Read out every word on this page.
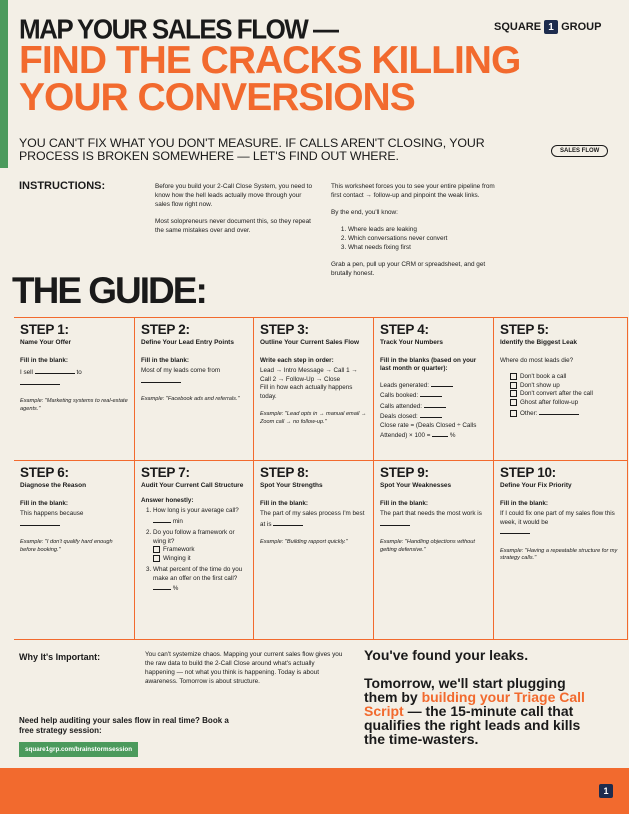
MAP YOUR SALES FLOW —
FIND THE CRACKS KILLING YOUR CONVERSIONS
SQUARE 1 GROUP
YOU CAN'T FIX WHAT YOU DON'T MEASURE. IF CALLS AREN'T CLOSING, YOUR PROCESS IS BROKEN SOMEWHERE — LET'S FIND OUT WHERE.	SALES FLOW
INSTRUCTIONS:	Before you build your 2-Call Close System, you need to know how the hell leads actually move through your sales flow right now.

Most solopreneurs never document this, so they repeat the same mistakes over and over.

This worksheet forces you to see your entire pipeline from first contact → follow-up and pinpoint the weak links.

By the end, you'll know:

1. Where leads are leaking
2. Which conversations never convert
3. What needs fixing first

Grab a pen, pull up your CRM or spreadsheet, and get brutally honest.

THE GUIDE:
STEP 1:
Name Your Offer
Fill in the blank:
I sell	to

Example: "Marketing systems to real-estate agents."
STEP 2:
Define Your Lead Entry Points
Fill in the blank:
Most of my leads come from

Example: "Facebook ads and referrals."
STEP 3:
Outline Your Current Sales Flow
Write each step in order:
Lead → Intro Message → Call 1 → Call 2 → Follow-Up → Close
Fill in how each actually happens today.
Example: "Lead opts in → manual email → Zoom call → no follow-up."
STEP 4:
Track Your Numbers
Fill in the blanks (based on your last month or quarter):
Leads generated:
Calls booked:
Calls attended:
Deals closed:
Close rate = (Deals Closed ÷ Calls Attended) × 100 =	%
STEP 5:
Identify the Biggest Leak
Where do most leads die?
Don't book a call
Don't show up
Don't convert after the call
Ghost after follow-up
Other:
STEP 6:
Diagnose the Reason
Fill in the blank:
This happens because

Example: "I don't qualify hard enough before booking."
STEP 7:
Audit Your Current Call Structure
Answer honestly:
1. How long is your average call?  min
2. Do you follow a framework or wing it?
Framework
Winging it
3. What percent of the time do you make an offer on the first call?
%
STEP 8:
Spot Your Strengths
Fill in the blank:
The part of my sales process I'm best at is
Example: "Building rapport quickly."
STEP 9:
Spot Your Weaknesses
Fill in the blank:
The part that needs the most work is
Example: "Handling objections without getting defensive."
STEP 10:
Define Your Fix Priority
Fill in the blank:
If I could fix one part of my sales flow this week, it would be

Example: "Having a repeatable structure for my strategy calls."
Why It's Important:	You can't systemize chaos. Mapping your current sales flow gives you the raw data to build the 2-Call Close around what's actually happening — not what you think is happening. Today is about awareness. Tomorrow is about structure.
You've found your leaks.
Tomorrow, we'll start plugging them by building your Triage Call Script — the 15-minute call that qualifies the right leads and kills the time-wasters.
Need help auditing your sales flow in real time? Book a free strategy session:
square1grp.com/brainstormsession
1
